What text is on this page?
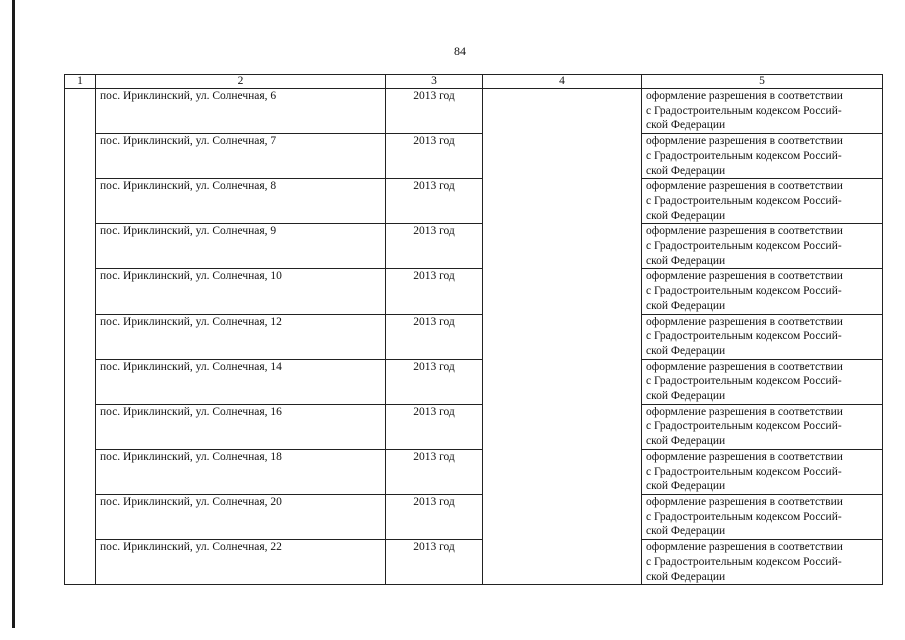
84
1	2	3	4	5
	пос. Ириклинский, ул. Солнечная, 6	2013 год		оформление разрешения в соответствии
с Градостроительным кодексом Россий-
ской Федерации

	пос. Ириклинский, ул. Солнечная, 7	2013 год		оформление разрешения в соответствии
с Градостроительным кодексом Россий-
ской Федерации

	пос. Ириклинский, ул. Солнечная, 8	2013 год		оформление разрешения в соответствии
с Градостроительным кодексом Россий-
ской Федерации

	пос. Ириклинский, ул. Солнечная, 9	2013 год		оформление разрешения в соответствии
с Градостроительным кодексом Россий-
ской Федерации

	пос. Ириклинский, ул. Солнечная, 10	2013 год		оформление разрешения в соответствии
с Градостроительным кодексом Россий-
ской Федерации

	пос. Ириклинский, ул. Солнечная, 12	2013 год		оформление разрешения в соответствии
с Градостроительным кодексом Россий-
ской Федерации

	пос. Ириклинский, ул. Солнечная, 14	2013 год		оформление разрешения в соответствии
с Градостроительным кодексом Россий-
ской Федерации

	пос. Ириклинский, ул. Солнечная, 16	2013 год		оформление разрешения в соответствии
с Градостроительным кодексом Россий-
ской Федерации

	пос. Ириклинский, ул. Солнечная, 18	2013 год		оформление разрешения в соответствии
с Градостроительным кодексом Россий-
ской Федерации

	пос. Ириклинский, ул. Солнечная, 20	2013 год		оформление разрешения в соответствии
с Градостроительным кодексом Россий-
ской Федерации

	пос. Ириклинский, ул. Солнечная, 22	2013 год		оформление разрешения в соответствии
с Градостроительным кодексом Россий-
ской Федерации
